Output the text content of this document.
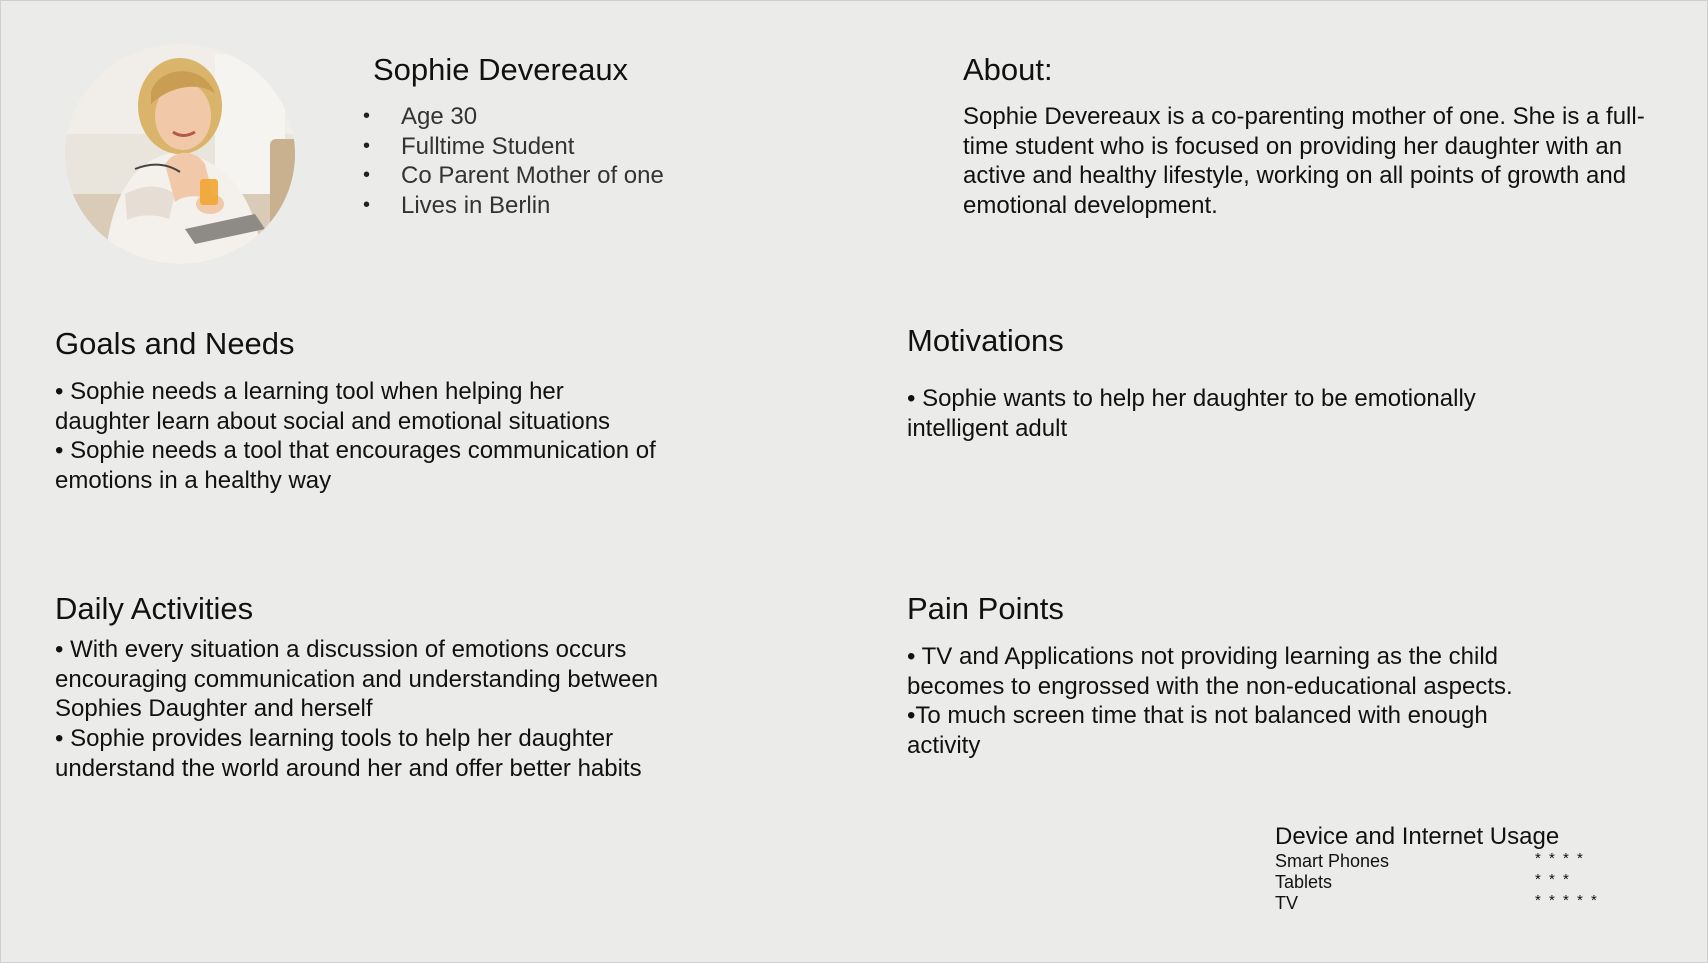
Sophie Devereaux
• Age 30
• Fulltime Student
• Co Parent Mother of one
• Lives in Berlin
About:

Sophie Devereaux is a co-parenting mother of one. She is a full-time student who is focused on providing her daughter with an active and healthy lifestyle, working on all points of growth and emotional development.

Goals and Needs

• Sophie needs a learning tool when helping her daughter learn about social and emotional situations

• Sophie needs a tool that encourages communication of emotions in a healthy way

Motivations

• Sophie wants to help her daughter to be emotionally intelligent adult

Daily Activities

• With every situation a discussion of emotions occurs encouraging communication and understanding between Sophies Daughter and herself

• Sophie provides learning tools to help her daughter understand the world around her and offer better habits

Pain Points

• TV and Applications not providing learning as the child becomes to engrossed with the non-educational aspects.

•To much screen time that is not balanced with enough activity

Device and Internet Usage
Smart Phones	* * * *
Tablets	* * *
TV	* * * * *
